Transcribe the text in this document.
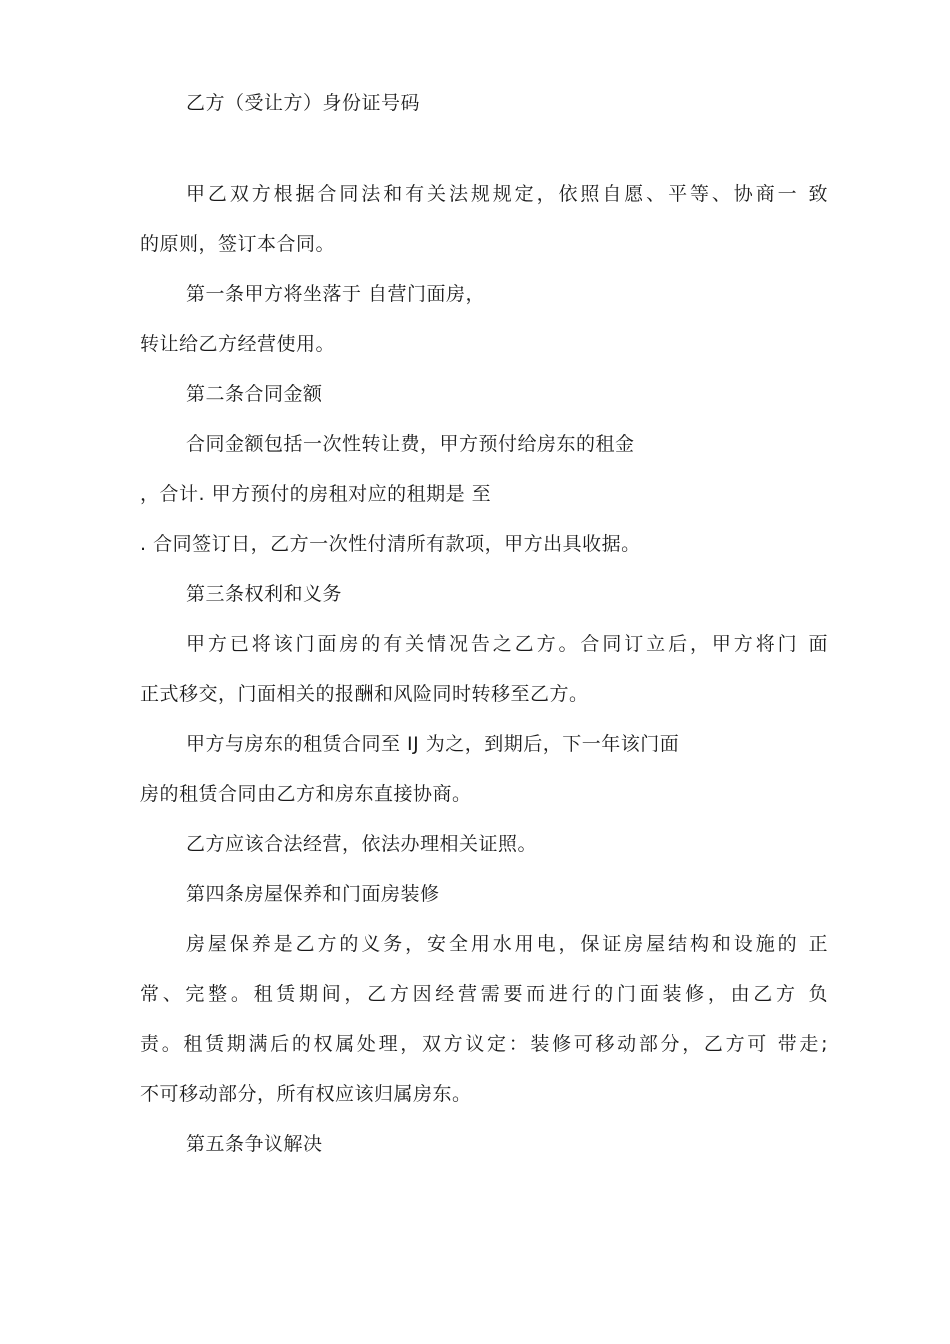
乙方（受让方）身份证号码
甲乙双方根据合同法和有关法规规定，依照自愿、平等、协商一 致
的原则，签订本合同。
第一条甲方将坐落于 自营门面房，
转让给乙方经营使用。
第二条合同金额
合同金额包括一次性转让费，甲方预付给房东的租金
，合计. 甲方预付的房租对应的租期是 至
. 合同签订日，乙方一次性付清所有款项，甲方出具收据。
第三条权利和义务
甲方已将该门面房的有关情况告之乙方。合同订立后，甲方将门 面
正式移交，门面相关的报酬和风险同时转移至乙方。
甲方与房东的租赁合同至 IJ 为之，到期后，下一年该门面
房的租赁合同由乙方和房东直接协商。
乙方应该合法经营，依法办理相关证照。
第四条房屋保养和门面房装修
房屋保养是乙方的义务，安全用水用电，保证房屋结构和设施的 正
常、完整。租赁期间，乙方因经营需要而进行的门面装修，由乙方 负
责。租赁期满后的权属处理，双方议定：装修可移动部分，乙方可 带走;
不可移动部分，所有权应该归属房东。
第五条争议解决
